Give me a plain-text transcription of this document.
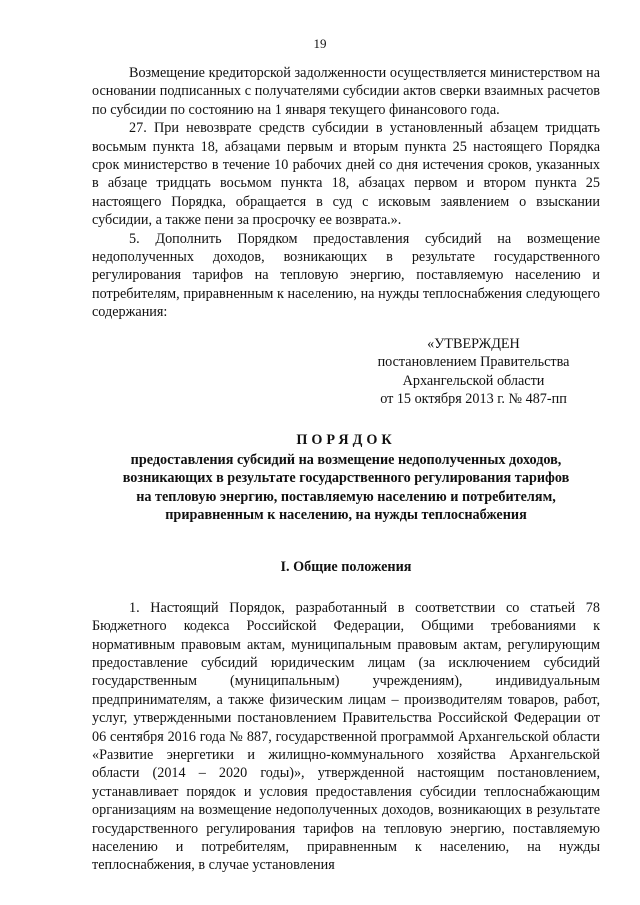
19

Возмещение кредиторской задолженности осуществляется министерством на основании подписанных с получателями субсидии актов сверки взаимных расчетов по субсидии по состоянию на 1 января текущего финансового года.

27. При невозврате средств субсидии в установленный абзацем тридцать восьмым пункта 18, абзацами первым и вторым пункта 25 настоящего Порядка срок министерство в течение 10 рабочих дней со дня истечения сроков, указанных в абзаце тридцать восьмом пункта 18, абзацах первом и втором пункта 25 настоящего Порядка, обращается в суд с исковым заявлением о взыскании субсидии, а также пени за просрочку ее возврата.».

5. Дополнить Порядком предоставления субсидий на возмещение недополученных доходов, возникающих в результате государственного регулирования тарифов на тепловую энергию, поставляемую населению и потребителям, приравненным к населению, на нужды теплоснабжения следующего содержания:

«УТВЕРЖДЕН
постановлением Правительства
Архангельской области
от 15 октября 2013 г. № 487-пп
ПОРЯДОК
предоставления субсидий на возмещение недополученных доходов, возникающих в результате государственного регулирования тарифов на тепловую энергию, поставляемую населению и потребителям, приравненным к населению, на нужды теплоснабжения
I. Общие положения

1. Настоящий Порядок, разработанный в соответствии со статьей 78 Бюджетного кодекса Российской Федерации, Общими требованиями к нормативным правовым актам, муниципальным правовым актам, регулирующим предоставление субсидий юридическим лицам (за исключением субсидий государственным (муниципальным) учреждениям), индивидуальным предпринимателям, а также физическим лицам – производителям товаров, работ, услуг, утвержденными постановлением Правительства Российской Федерации от 06 сентября 2016 года № 887, государственной программой Архангельской области «Развитие энергетики и жилищно-коммунального хозяйства Архангельской области (2014 – 2020 годы)», утвержденной настоящим постановлением, устанавливает порядок и условия предоставления субсидии теплоснабжающим организациям на возмещение недополученных доходов, возникающих в результате государственного регулирования тарифов на тепловую энергию, поставляемую населению и потребителям, приравненным к населению, на нужды теплоснабжения, в случае установления
